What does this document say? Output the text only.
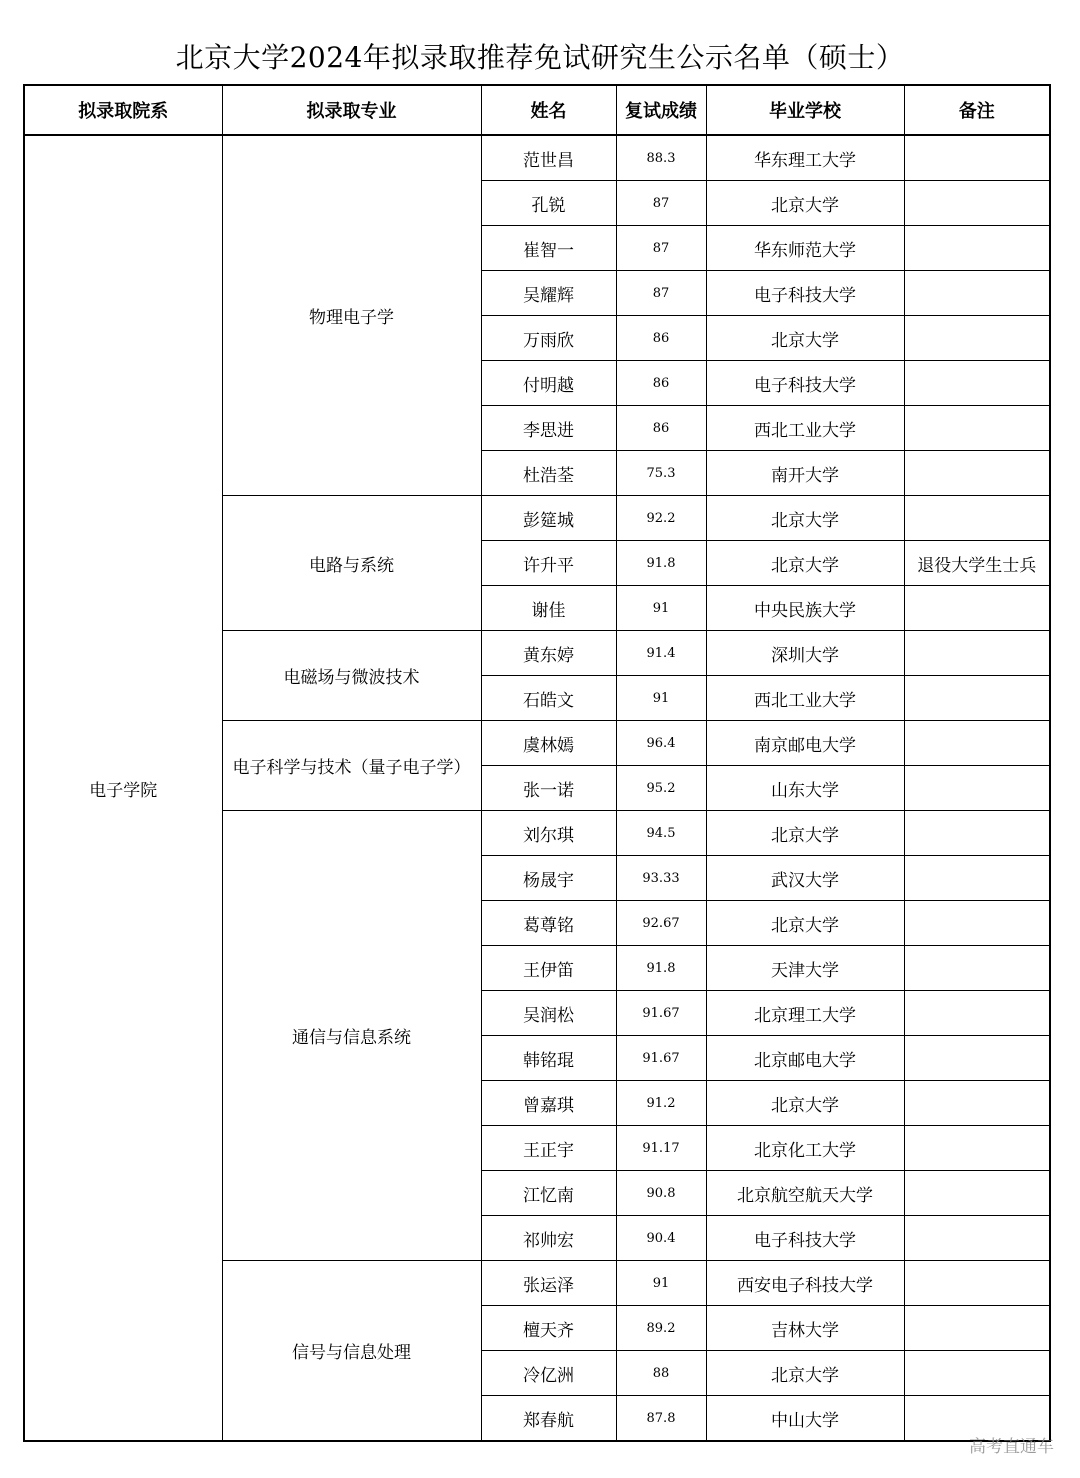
北京大学2024年拟录取推荐免试研究生公示名单（硕士）
拟录取院系	拟录取专业	姓名	复试成绩	毕业学校	备注
电子学院	物理电子学	范世昌	88.3	华东理工大学	
		孔锐	87	北京大学	
		崔智一	87	华东师范大学	
		吴耀辉	87	电子科技大学	
		万雨欣	86	北京大学	
		付明越	86	电子科技大学	
		李思进	86	西北工业大学	
		杜浩荃	75.3	南开大学	
	电路与系统	彭筵城	92.2	北京大学	
		许升平	91.8	北京大学	退役大学生士兵
		谢佳	91	中央民族大学	
	电磁场与微波技术	黄东婷	91.4	深圳大学	
		石皓文	91	西北工业大学	
	电子科学与技术（量子电子学）	虞林嫣	96.4	南京邮电大学	
		张一诺	95.2	山东大学	
	通信与信息系统	刘尔琪	94.5	北京大学	
		杨晟宇	93.33	武汉大学	
		葛尊铭	92.67	北京大学	
		王伊笛	91.8	天津大学	
		吴润松	91.67	北京理工大学	
		韩铭琨	91.67	北京邮电大学	
		曾嘉琪	91.2	北京大学	
		王正宇	91.17	北京化工大学	
		江忆南	90.8	北京航空航天大学	
		祁帅宏	90.4	电子科技大学	
	信号与信息处理	张运泽	91	西安电子科技大学	
		檀天齐	89.2	吉林大学	
		冷亿洲	88	北京大学	
		郑春航	87.8	中山大学	
高考直通车
